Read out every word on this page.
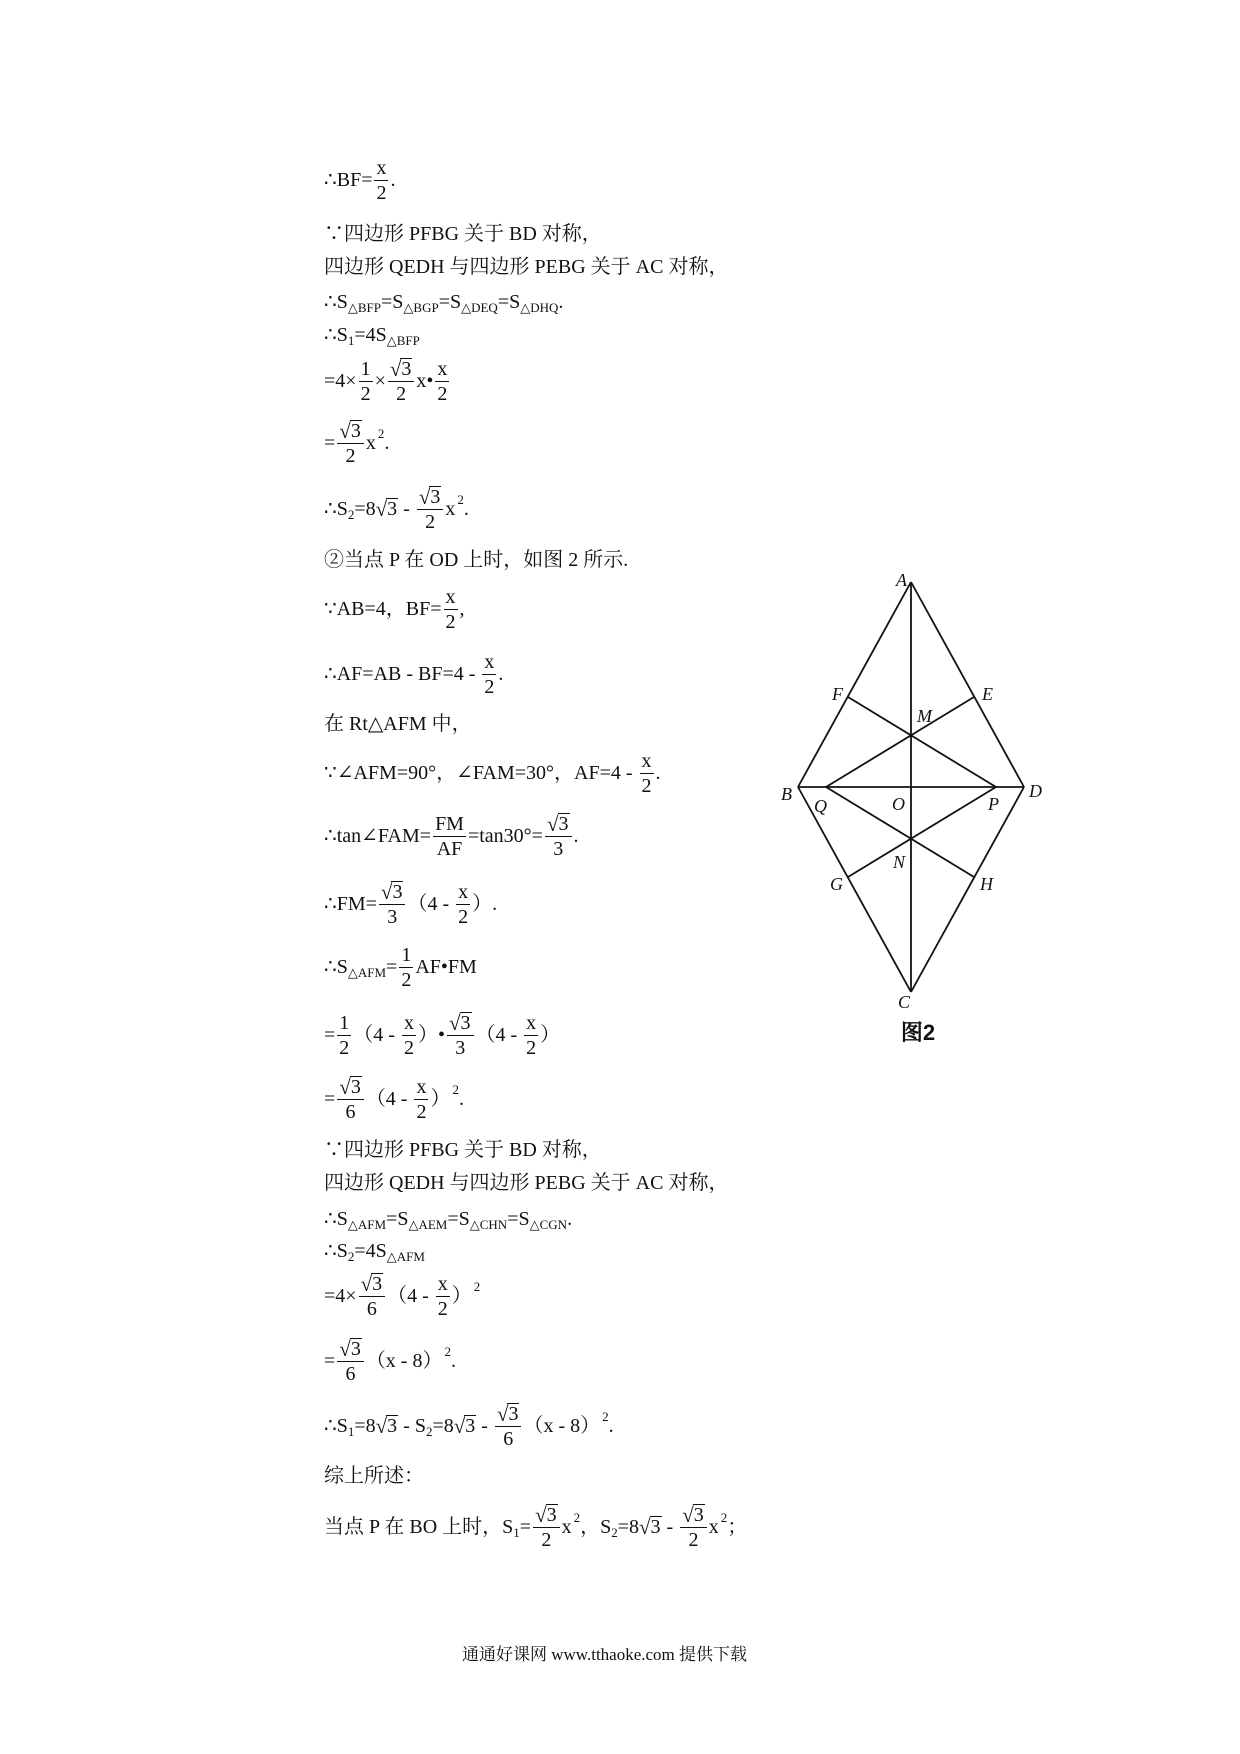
∴BF= $\frac{x}{2}$ .
∵四边形 PFBG 关于 BD 对称，
四边形 QEDH 与四边形 PEBG 关于 AC 对称，
∴S △BFP =S △BGP =S △DEQ =S △DHQ .
∴S 1 =4S △BFP
$=4\times \frac{1}{2}$ × √ $\frac{3}{2}$ x• $\frac{x}{2}$
= √ $\frac{3}{2}$ x 2 .
∴S 2 =8 √ 3 - √ $\frac{3}{2}$ x 2 .
②当点 P 在 OD 上时，如图 2 所示.
∵AB=4，$BF= \frac{x}{2}$ ,
∴AF=AB - $BF=4 - \frac{x}{2}$ .
在 Rt△AFM 中，
∵∠AFM=90°，∠FAM=30°，$AF=4 - \frac{x}{2}$ .
∴tan∠FAM= $\frac{FM}{AF} =\tan 30^\circ=$ √ $\frac{3}{3}$ .
∴FM= √ $\frac{3}{3} (4 - \frac{x}{2}$ ）.
∴S △AFM = $\frac{1}{2}$ AF•FM
= $\frac{1}{2} (4 - \frac{x}{2}$ ）• √ $\frac{3}{3} (4 - \frac{x}{2}$ ）
= √ $\frac{3}{6} (4 - \frac{x}{2}$ ） 2 .
∵四边形 PFBG 关于 BD 对称，
四边形 QEDH 与四边形 PEBG 关于 AC 对称，
∴S △AFM =S △AEM =S △CHN =S △CGN .
∴S 2 =4S △AFM
=4× √ $\frac{3}{6} (4 - \frac{x}{2}$ ） 2
= √ $\frac{3}{6} (x - 8)$ 2 .
∴S 1 =8 √ 3 - S 2 =8 √ 3 - √ $\frac{3}{6} (x - 8)$ 2 .
综上所述：
当点 P 在 BO 上时，S 1 = √ $\frac{3}{2}$ x 2 ，S 2 =8 √ 3 - √ $\frac{3}{2}$ x 2 ；
A
B
C
D
E
F
G	H
M
N
O	P
Q
图2
通通好课网 www.tthaoke.com 提供下载
